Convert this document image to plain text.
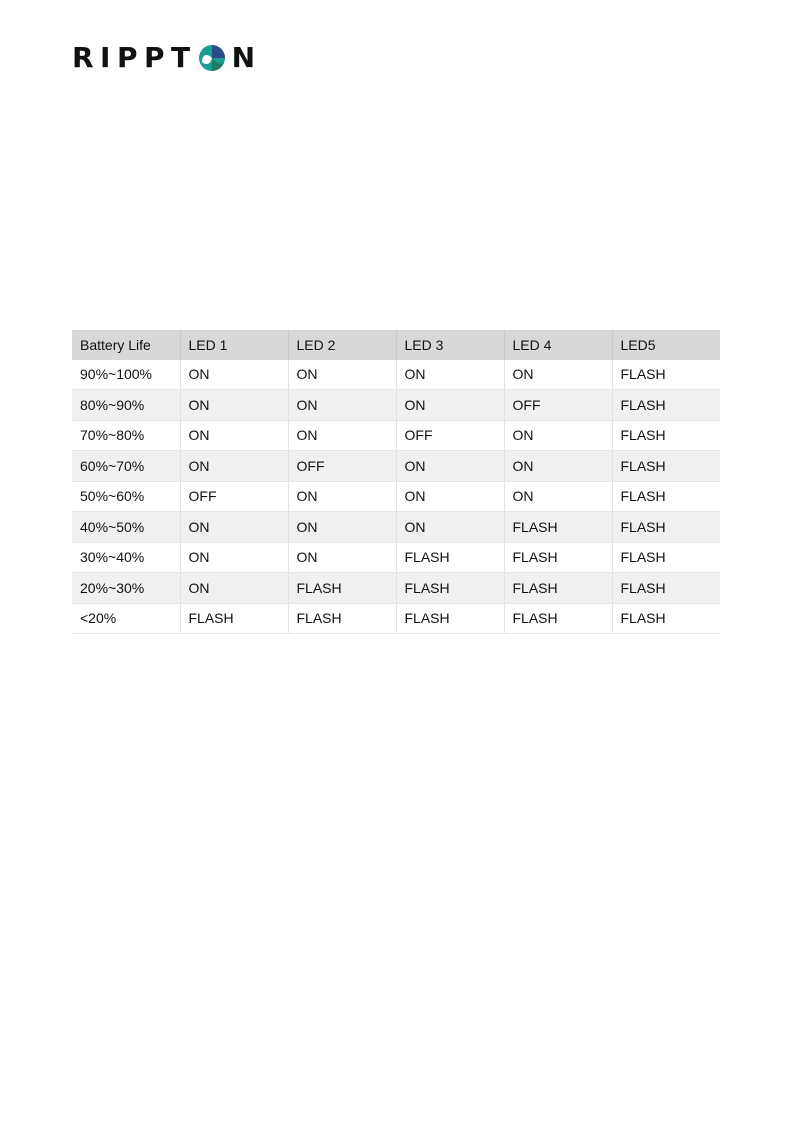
RIPPT N
Battery Life	LED 1	LED 2	LED 3	LED 4	LED5
90%~100%	ON	ON	ON	ON	FLASH
80%~90%	ON	ON	ON	OFF	FLASH
70%~80%	ON	ON	OFF	ON	FLASH
60%~70%	ON	OFF	ON	ON	FLASH
50%~60%	OFF	ON	ON	ON	FLASH
40%~50%	ON	ON	ON	FLASH	FLASH
30%~40%	ON	ON	FLASH	FLASH	FLASH
20%~30%	ON	FLASH	FLASH	FLASH	FLASH
<20%	FLASH	FLASH	FLASH	FLASH	FLASH
